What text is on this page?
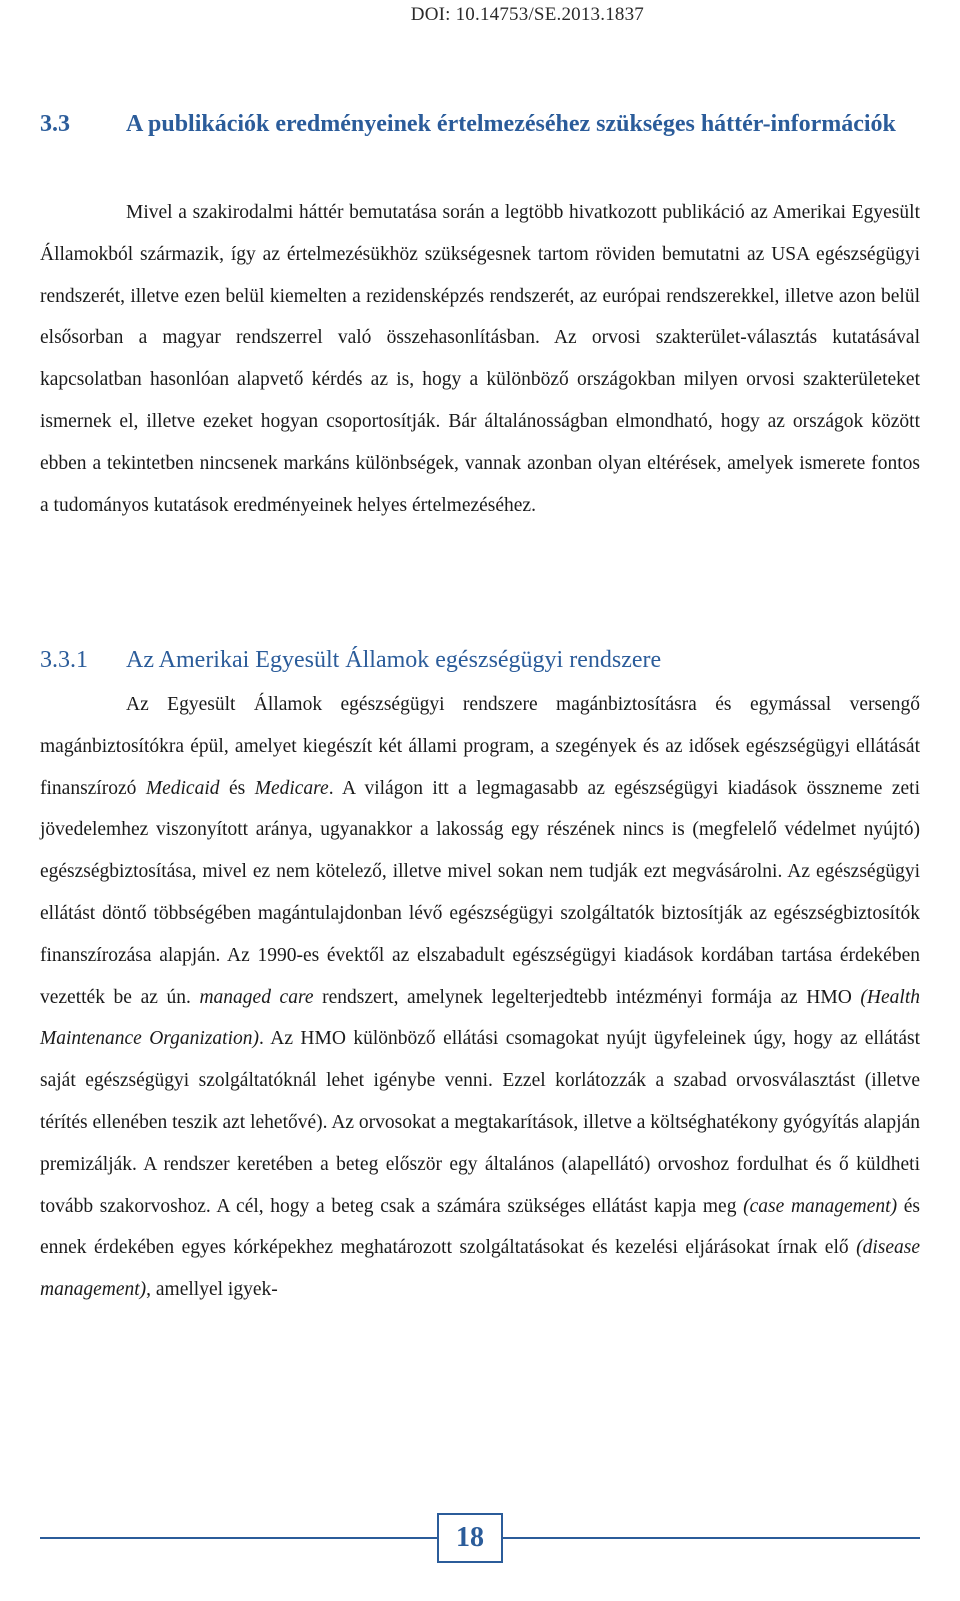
DOI: 10.14753/SE.2013.1837
3.3 A publikációk eredményeinek értelmezéséhez szükséges háttér-információk

Mivel a szakirodalmi háttér bemutatása során a legtöbb hivatkozott publikáció az Amerikai Egyesült Államokból származik, így az értelmezésükhöz szükségesnek tartom röviden bemutatni az USA egészségügyi rendszerét, illetve ezen belül kiemelten a rezidensképzés rendszerét, az európai rendszerekkel, illetve azon belül elsősorban a magyar rendszerrel való összehasonlításban. Az orvosi szakterület-választás kutatásával kapcsolatban hasonlóan alapvető kérdés az is, hogy a különböző országokban milyen orvosi szakterületeket ismernek el, illetve ezeket hogyan csoportosítják. Bár általánosságban elmondható, hogy az országok között ebben a tekintetben nincsenek markáns különbségek, vannak azonban olyan eltérések, amelyek ismerete fontos a tudományos kutatások eredményeinek helyes értelmezéséhez.

3.3.1 Az Amerikai Egyesült Államok egészségügyi rendszere

Az Egyesült Államok egészségügyi rendszere magánbiztosításra és egymással versengő magánbiztosítókra épül, amelyet kiegészít két állami program, a szegények és az idősek egészségügyi ellátását finanszírozó Medicaid és Medicare. A világon itt a legmagasabb az egészségügyi kiadások összneme zeti jövedelemhez viszonyított aránya, ugyanakkor a lakosság egy részének nincs is (megfelelő védelmet nyújtó) egészségbiztosítása, mivel ez nem kötelező, illetve mivel sokan nem tudják ezt megvásárolni. Az egészségügyi ellátást döntő többségében magántulajdonban lévő egészségügyi szolgáltatók biztosítják az egészségbiztosítók finanszírozása alapján. Az 1990-es évektől az elszabadult egészségügyi kiadások kordában tartása érdekében vezették be az ún. managed care rendszert, amelynek legelterjedtebb intézményi formája az HMO (Health Maintenance Organization). Az HMO különböző ellátási csomagokat nyújt ügyfeleinek úgy, hogy az ellátást saját egészségügyi szolgáltatóknál lehet igénybe venni. Ezzel korlátozzák a szabad orvosválasztást (illetve térítés ellenében teszik azt lehetővé). Az orvosokat a megtakarítások, illetve a költséghatékony gyógyítás alapján premizálják. A rendszer keretében a beteg először egy általános (alapellátó) orvoshoz fordulhat és ő küldheti tovább szakorvoshoz. A cél, hogy a beteg csak a számára szükséges ellátást kapja meg (case management) és ennek érdekében egyes kórképekhez meghatározott szolgáltatásokat és kezelési eljárásokat írnak elő (disease management), amellyel igyek-

18
